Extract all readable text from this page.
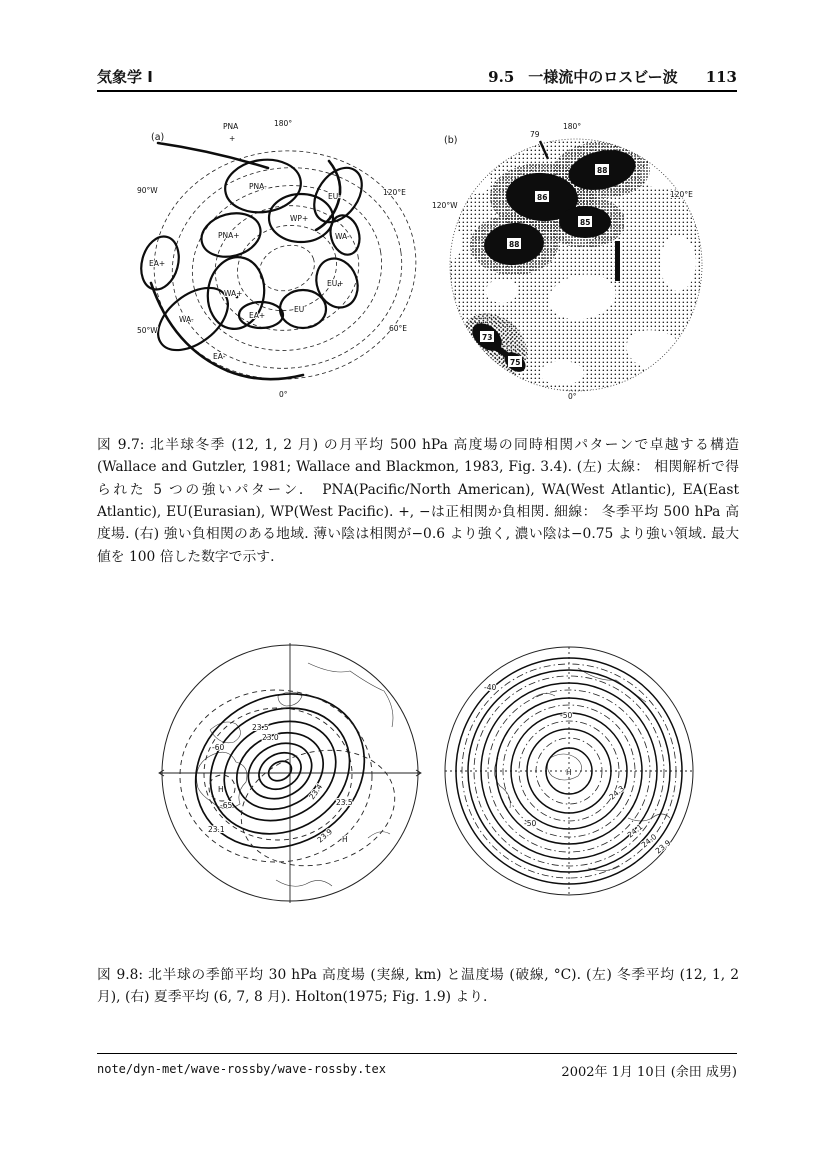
気象学 I	9.5 一様流中のロスビー波 113
(a)
PNA
+
180°
90°W	120°E
50°W	60°E
0°
PNA-
WP+
EU-
WA-
PNA+
EA+
WA+
EA+
EU
EU+
WA-
EA-
88
86
85
88
73
75
(b)
79
180°
120°W
120°E
0°

図 9.7: 北半球冬季 (12, 1, 2 月) の月平均 500 hPa 高度場の同時相関パターンで卓越する構造 (Wallace and Gutzler, 1981; Wallace and Blackmon, 1983, Fig. 3.4). (左) 太線： 相関解析で得られた 5 つの強いパターン． PNA(Pacific/North American), WA(West Atlantic), EA(East Atlantic), EU(Eurasian), WP(West Pacific). +, −は正相関か負相関. 細線： 冬季平均 500 hPa 高度場. (右) 強い負相関のある地域. 薄い陰は相関が−0.6 より強く, 濃い陰は−0.75 より強い領域. 最大値を 100 倍した数字で示す.

23.5
23.0
-60
H
-65
23.1
23.4
23.5
23.9 H
-50
-40
H
-50
24.3
24.1
24.0
23.9

図 9.8: 北半球の季節平均 30 hPa 高度場 (実線, km) と温度場 (破線, °C). (左) 冬季平均 (12, 1, 2 月), (右) 夏季平均 (6, 7, 8 月). Holton(1975; Fig. 1.9) より.

note/dyn-met/wave-rossby/wave-rossby.tex	2002年 1月 10日 (余田 成男)
